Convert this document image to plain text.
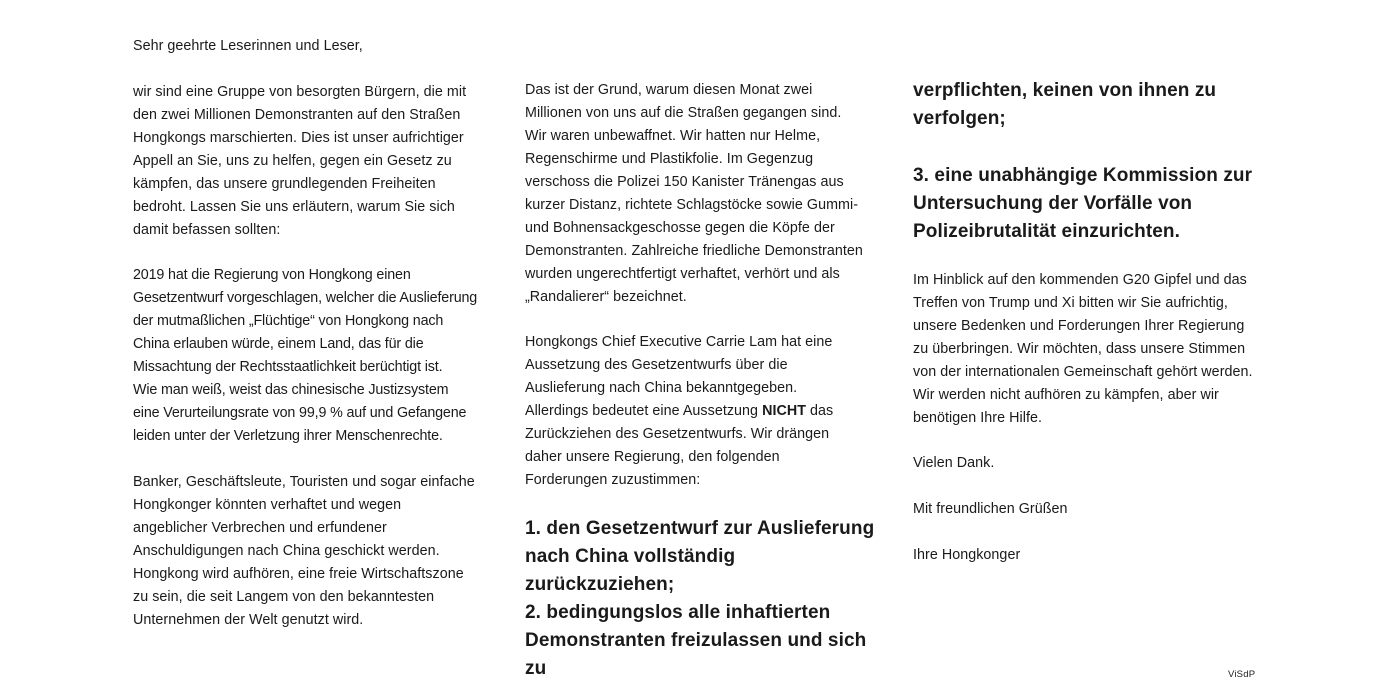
Sehr geehrte Leserinnen und Leser,

wir sind eine Gruppe von besorgten Bürgern, die mit
den zwei Millionen Demonstranten auf den Straßen
Hongkongs marschierten. Dies ist unser aufrichtiger
Appell an Sie, uns zu helfen, gegen ein Gesetz zu
kämpfen, das unsere grundlegenden Freiheiten
bedroht. Lassen Sie uns erläutern, warum Sie sich
damit befassen sollten:

2019 hat die Regierung von Hongkong einen
Gesetzentwurf vorgeschlagen, welcher die Auslieferung
der mutmaßlichen „Flüchtige“ von Hongkong nach
China erlauben würde, einem Land, das für die
Missachtung der Rechtsstaatlichkeit berüchtigt ist.
Wie man weiß, weist das chinesische Justizsystem
eine Verurteilungsrate von 99,9 % auf und Gefangene
leiden unter der Verletzung ihrer Menschenrechte.

Banker, Geschäftsleute, Touristen und sogar einfache
Hongkonger könnten verhaftet und wegen
angeblicher Verbrechen und erfundener
Anschuldigungen nach China geschickt werden.
Hongkong wird aufhören, eine freie Wirtschaftszone
zu sein, die seit Langem von den bekanntesten
Unternehmen der Welt genutzt wird.

Das ist der Grund, warum diesen Monat zwei
Millionen von uns auf die Straßen gegangen sind.
Wir waren unbewaffnet. Wir hatten nur Helme,
Regenschirme und Plastikfolie. Im Gegenzug
verschoss die Polizei 150 Kanister Tränengas aus
kurzer Distanz, richtete Schlagstöcke sowie Gummi-
und Bohnensackgeschosse gegen die Köpfe der
Demonstranten. Zahlreiche friedliche Demonstranten
wurden ungerechtfertigt verhaftet, verhört und als
„Randalierer“ bezeichnet.

Hongkongs Chief Executive Carrie Lam hat eine
Aussetzung des Gesetzentwurfs über die
Auslieferung nach China bekanntgegeben.
Allerdings bedeutet eine Aussetzung NICHT das
Zurückziehen des Gesetzentwurfs. Wir drängen
daher unsere Regierung, den folgenden
Forderungen zuzustimmen:

1. den Gesetzentwurf zur Auslieferung
nach China vollständig zurückzuziehen;

2. bedingungslos alle inhaftierten
Demonstranten freizulassen und sich zu

verpflichten, keinen von ihnen zu
verfolgen;

3. eine unabhängige Kommission zur
Untersuchung der Vorfälle von
Polizeibrutalität einzurichten.

Im Hinblick auf den kommenden G20 Gipfel und das
Treffen von Trump und Xi bitten wir Sie aufrichtig,
unsere Bedenken und Forderungen Ihrer Regierung
zu überbringen. Wir möchten, dass unsere Stimmen
von der internationalen Gemeinschaft gehört werden.
Wir werden nicht aufhören zu kämpfen, aber wir
benötigen Ihre Hilfe.

Vielen Dank.

Mit freundlichen Grüßen

Ihre Hongkonger

ViSdP
